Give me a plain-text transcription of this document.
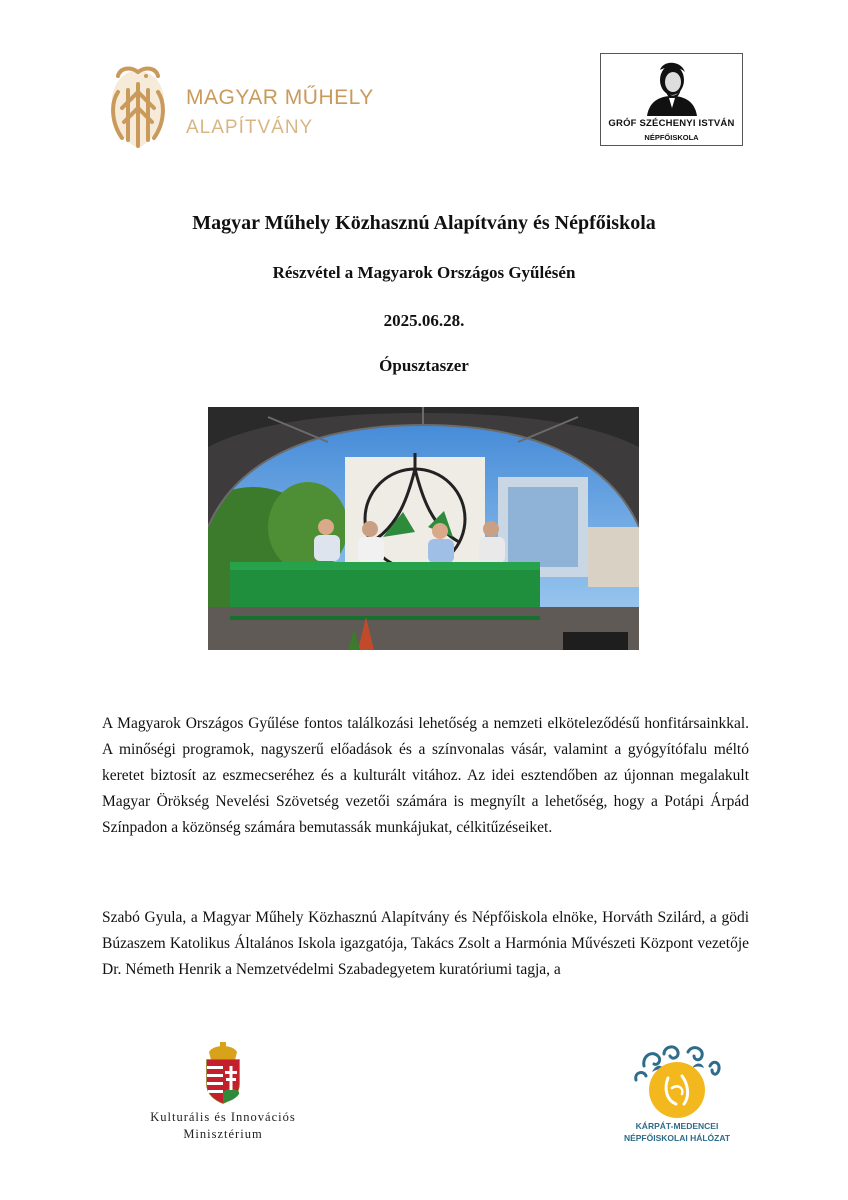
MAGYAR MŰHELY
ALAPÍTVÁNY	GRÓF SZÉCHENYI ISTVÁN
NÉPFŐISKOLA
Magyar Műhely Közhasznú Alapítvány és Népfőiskola
Részvétel a Magyarok Országos Gyűlésén
2025.06.28.
Ópusztaszer

A Magyarok Országos Gyűlése fontos találkozási lehetőség a nemzeti elköteleződésű honfitársainkkal. A minőségi programok, nagyszerű előadások és a színvonalas vásár, valamint a gyógyítófalu méltó keretet biztosít az eszmecseréhez és a kulturált vitához. Az idei esztendőben az újonnan megalakult Magyar Örökség Nevelési Szövetség vezetői számára is megnyílt a lehetőség, hogy a Potápi Árpád Színpadon a közönség számára bemutassák munkájukat, célkitűzéseiket.

Szabó Gyula, a Magyar Műhely Közhasznú Alapítvány és Népfőiskola elnöke, Horváth Szilárd, a gödi Búzaszem Katolikus Általános Iskola igazgatója, Takács Zsolt a Harmónia Művészeti Központ vezetője Dr. Németh Henrik a Nemzetvédelmi Szabadegyetem kuratóriumi tagja, a

Kulturális és Innovációs
Minisztérium
KÁRPÁT-MEDENCEI
NÉPFŐISKOLAI HÁLÓZAT
